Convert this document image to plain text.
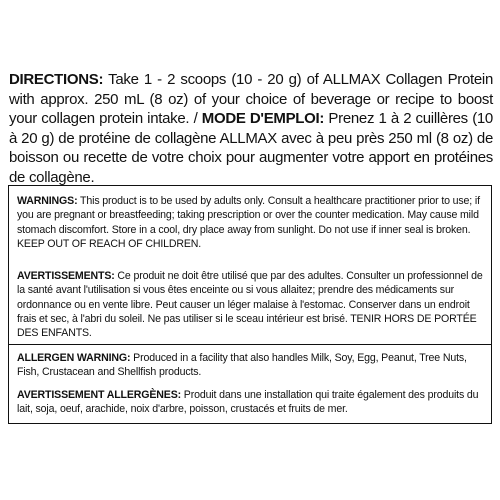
DIRECTIONS: Take 1 - 2 scoops (10 - 20 g) of ALLMAX Collagen Protein with approx. 250 mL (8 oz) of your choice of beverage or recipe to boost your collagen protein intake. / MODE D'EMPLOI: Prenez 1 à 2 cuillères (10 à 20 g) de protéine de collagène ALLMAX avec à peu près 250 ml (8 oz) de boisson ou recette de votre choix pour augmenter votre apport en protéines de collagène.
WARNINGS: This product is to be used by adults only. Consult a healthcare practitioner prior to use; if you are pregnant or breastfeeding; taking prescription or over the counter medication. May cause mild stomach discomfort. Store in a cool, dry place away from sunlight. Do not use if inner seal is broken. KEEP OUT OF REACH OF CHILDREN.
AVERTISSEMENTS: Ce produit ne doit être utilisé que par des adultes. Consulter un professionnel de la santé avant l'utilisation si vous êtes enceinte ou si vous allaitez; prendre des médicaments sur ordonnance ou en vente libre. Peut causer un léger malaise à l'estomac. Conserver dans un endroit frais et sec, à l'abri du soleil. Ne pas utiliser si le sceau intérieur est brisé. TENIR HORS DE PORTÉE DES ENFANTS.
ALLERGEN WARNING: Produced in a facility that also handles Milk, Soy, Egg, Peanut, Tree Nuts, Fish, Crustacean and Shellfish products.
AVERTISSEMENT ALLERGÈNES: Produit dans une installation qui traite également des produits du lait, soja, oeuf, arachide, noix d'arbre, poisson, crustacés et fruits de mer.
